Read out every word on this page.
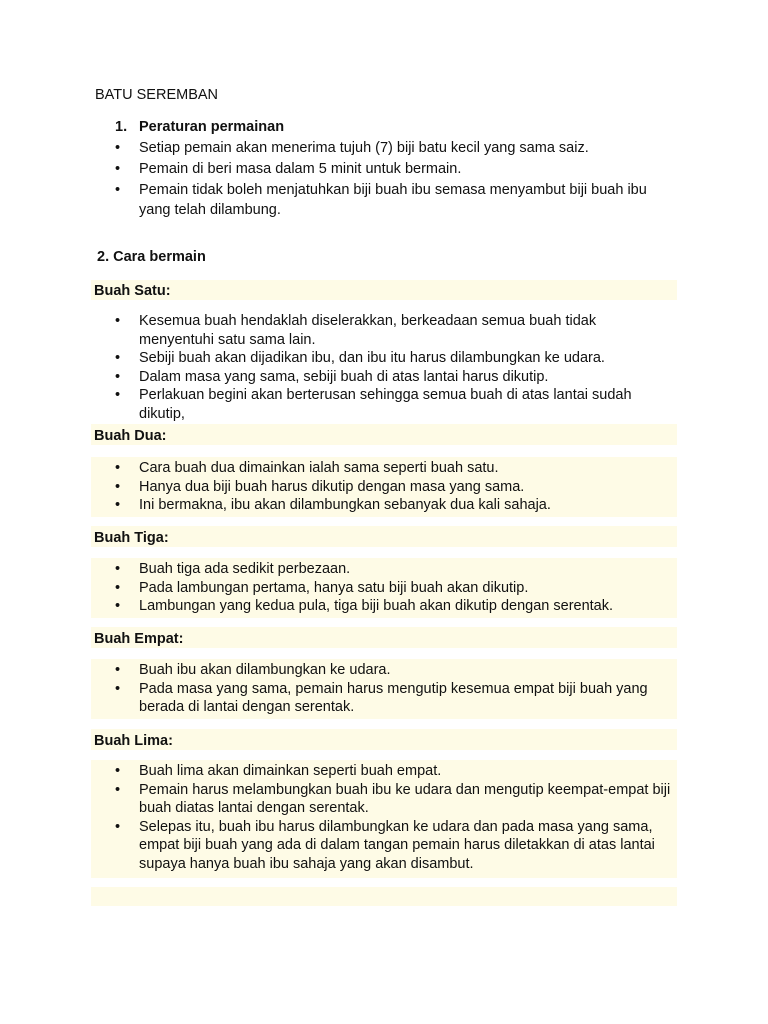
BATU SEREMBAN
1. Peraturan permainan
• Setiap pemain akan menerima tujuh (7) biji batu kecil yang sama saiz.
• Pemain di beri masa dalam 5 minit untuk bermain.
• Pemain tidak boleh menjatuhkan biji buah ibu semasa menyambut biji buah ibu yang telah dilambung.
2. Cara bermain
Buah Satu:
• Kesemua buah hendaklah diselerakkan, berkeadaan semua buah tidak menyentuhi satu sama lain.
• Sebiji buah akan dijadikan ibu, dan ibu itu harus dilambungkan ke udara.
• Dalam masa yang sama, sebiji buah di atas lantai harus dikutip.
• Perlakuan begini akan berterusan sehingga semua buah di atas lantai sudah dikutip,
Buah Dua:
• Cara buah dua dimainkan ialah sama seperti buah satu.
• Hanya dua biji buah harus dikutip dengan masa yang sama.
• Ini bermakna, ibu akan dilambungkan sebanyak dua kali sahaja.
Buah Tiga:
• Buah tiga ada sedikit perbezaan.
• Pada lambungan pertama, hanya satu biji buah akan dikutip.
• Lambungan yang kedua pula, tiga biji buah akan dikutip dengan serentak.
Buah Empat:
• Buah ibu akan dilambungkan ke udara.
• Pada masa yang sama, pemain harus mengutip kesemua empat biji buah yang berada di lantai dengan serentak.
Buah Lima:
• Buah lima akan dimainkan seperti buah empat.
• Pemain harus melambungkan buah ibu ke udara dan mengutip keempat-empat biji buah diatas lantai dengan serentak.
• Selepas itu, buah ibu harus dilambungkan ke udara dan pada masa yang sama, empat biji buah yang ada di dalam tangan pemain harus diletakkan di atas lantai supaya hanya buah ibu sahaja yang akan disambut.
